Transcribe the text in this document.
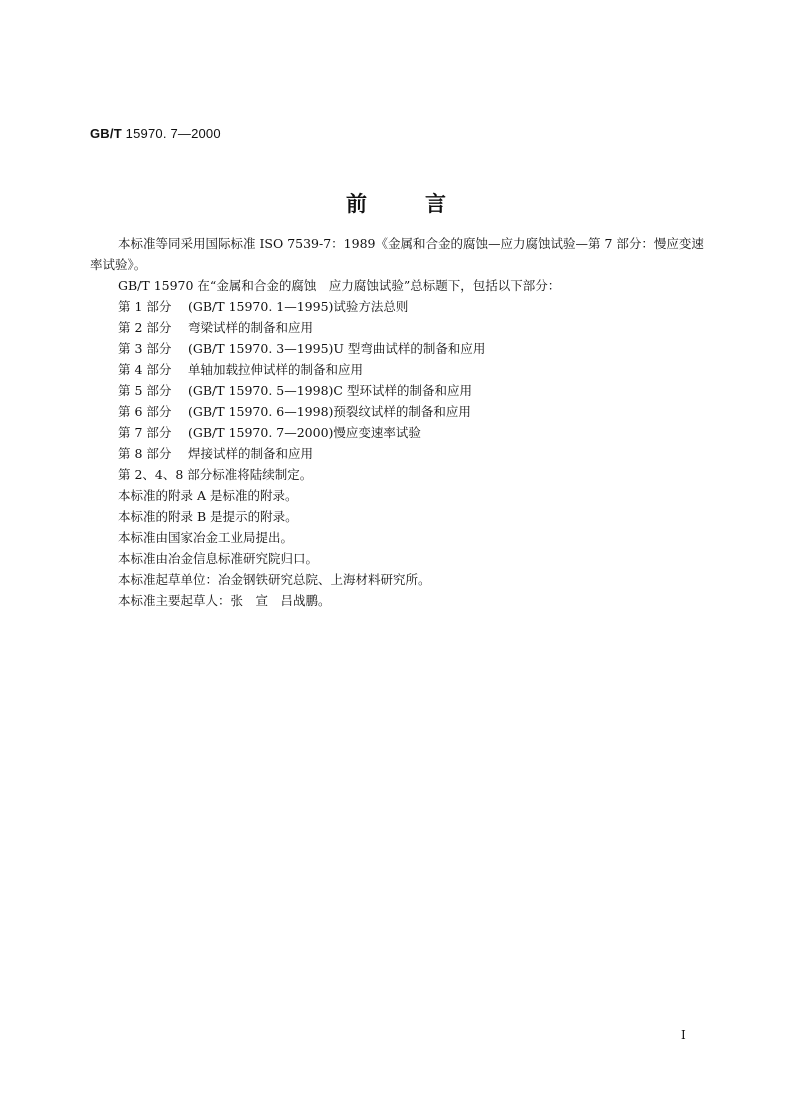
GB/T 15970. 7—2000
前言

本标准等同采用国际标准 ISO 7539-7：1989《金属和合金的腐蚀—应力腐蚀试验—第 7 部分：慢应变速率试验》。

GB/T 15970 在“金属和合金的腐蚀　应力腐蚀试验”总标题下，包括以下部分：

第 1 部分 (GB/T 15970. 1—1995)试验方法总则
第 2 部分 弯梁试样的制备和应用
第 3 部分 (GB/T 15970. 3—1995)U 型弯曲试样的制备和应用
第 4 部分 单轴加载拉伸试样的制备和应用
第 5 部分 (GB/T 15970. 5—1998)C 型环试样的制备和应用
第 6 部分 (GB/T 15970. 6—1998)预裂纹试样的制备和应用
第 7 部分 (GB/T 15970. 7—2000)慢应变速率试验
第 8 部分 焊接试样的制备和应用

第 2、4、8 部分标准将陆续制定。

本标准的附录 A 是标准的附录。

本标准的附录 B 是提示的附录。

本标准由国家冶金工业局提出。

本标准由冶金信息标准研究院归口。

本标准起草单位：冶金钢铁研究总院、上海材料研究所。

本标准主要起草人：张　宣　吕战鹏。

I
